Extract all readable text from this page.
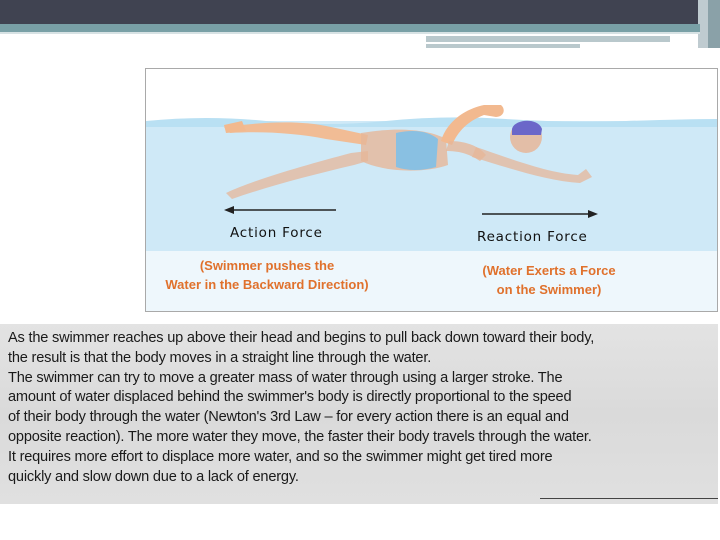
Action Force	Reaction Force
(Swimmer pushes the
Water in the Backward Direction)
(Water Exerts a Force
on the Swimmer)
As the swimmer reaches up above their head and begins to pull back down toward their body,
the result is that the body moves in a straight line through the water.
The swimmer can try to move a greater mass of water through using a larger stroke. The
amount of water displaced behind the swimmer's body is directly proportional to the speed
of their body through the water (Newton's 3rd Law – for every action there is an equal and
opposite reaction). The more water they move, the faster their body travels through the water.
It requires more effort to displace more water, and so the swimmer might get tired more
quickly and slow down due to a lack of energy.
